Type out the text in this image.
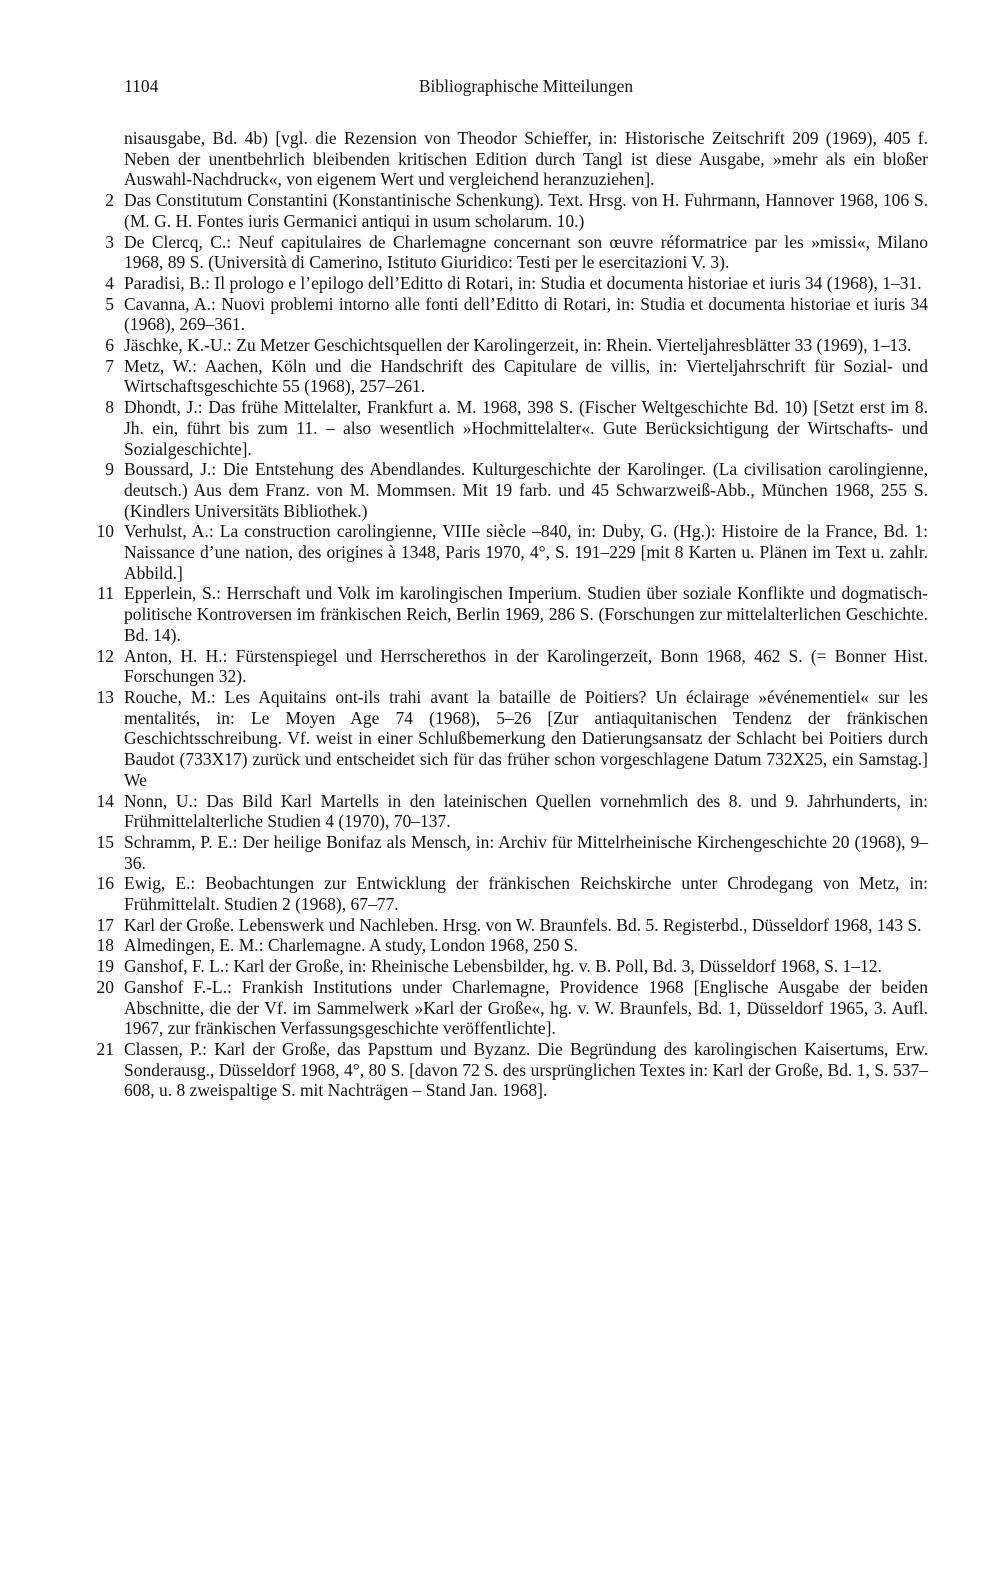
1104	Bibliographische Mitteilungen

nisausgabe, Bd. 4b) [vgl. die Rezension von Theodor Schieffer, in: Historische Zeitschrift 209 (1969), 405 f. Neben der unentbehrlich bleibenden kritischen Edition durch Tangl ist diese Ausgabe, »mehr als ein bloßer Auswahl-Nachdruck«, von eigenem Wert und vergleichend heranzuziehen].

2 Das Constitutum Constantini (Konstantinische Schenkung). Text. Hrsg. von H. Fuhrmann, Hannover 1968, 106 S. (M. G. H. Fontes iuris Germanici antiqui in usum scholarum. 10.)

3 De Clercq, C.: Neuf capitulaires de Charlemagne concernant son œuvre réformatrice par les »missi«, Milano 1968, 89 S. (Università di Camerino, Istituto Giuridico: Testi per le esercitazioni V. 3).

4 Paradisi, B.: Il prologo e l’epilogo dell’Editto di Rotari, in: Studia et documenta historiae et iuris 34 (1968), 1–31.

5 Cavanna, A.: Nuovi problemi intorno alle fonti dell’Editto di Rotari, in: Studia et documenta historiae et iuris 34 (1968), 269–361.

6 Jäschke, K.-U.: Zu Metzer Geschichtsquellen der Karolingerzeit, in: Rhein. Vierteljahresblätter 33 (1969), 1–13.

7 Metz, W.: Aachen, Köln und die Handschrift des Capitulare de villis, in: Vierteljahrschrift für Sozial- und Wirtschaftsgeschichte 55 (1968), 257–261.

8 Dhondt, J.: Das frühe Mittelalter, Frankfurt a. M. 1968, 398 S. (Fischer Weltgeschichte Bd. 10) [Setzt erst im 8. Jh. ein, führt bis zum 11. – also wesentlich »Hochmittelalter«. Gute Berücksichtigung der Wirtschafts- und Sozialgeschichte].

9 Boussard, J.: Die Entstehung des Abendlandes. Kulturgeschichte der Karolinger. (La civilisation carolingienne, deutsch.) Aus dem Franz. von M. Mommsen. Mit 19 farb. und 45 Schwarzweiß-Abb., München 1968, 255 S. (Kindlers Universitäts Bibliothek.)

10 Verhulst, A.: La construction carolingienne, VIIIe siècle –840, in: Duby, G. (Hg.): Histoire de la France, Bd. 1: Naissance d’une nation, des origines à 1348, Paris 1970, 4°, S. 191–229 [mit 8 Karten u. Plänen im Text u. zahlr. Abbild.]

11 Epperlein, S.: Herrschaft und Volk im karolingischen Imperium. Studien über soziale Konflikte und dogmatisch-politische Kontroversen im fränkischen Reich, Berlin 1969, 286 S. (Forschungen zur mittelalterlichen Geschichte. Bd. 14).

12 Anton, H. H.: Fürstenspiegel und Herrscherethos in der Karolingerzeit, Bonn 1968, 462 S. (= Bonner Hist. Forschungen 32).

13 Rouche, M.: Les Aquitains ont-ils trahi avant la bataille de Poitiers? Un éclairage »événementiel« sur les mentalités, in: Le Moyen Age 74 (1968), 5–26 [Zur antiaquitanischen Tendenz der fränkischen Geschichtsschreibung. Vf. weist in einer Schlußbemerkung den Datierungsansatz der Schlacht bei Poitiers durch Baudot (733X17) zurück und entscheidet sich für das früher schon vorgeschlagene Datum 732X25, ein Samstag.] We

14 Nonn, U.: Das Bild Karl Martells in den lateinischen Quellen vornehmlich des 8. und 9. Jahrhunderts, in: Frühmittelalterliche Studien 4 (1970), 70–137.

15 Schramm, P. E.: Der heilige Bonifaz als Mensch, in: Archiv für Mittelrheinische Kirchengeschichte 20 (1968), 9–36.

16 Ewig, E.: Beobachtungen zur Entwicklung der fränkischen Reichskirche unter Chrodegang von Metz, in: Frühmittelalt. Studien 2 (1968), 67–77.

17 Karl der Große. Lebenswerk und Nachleben. Hrsg. von W. Braunfels. Bd. 5. Registerbd., Düsseldorf 1968, 143 S.

18 Almedingen, E. M.: Charlemagne. A study, London 1968, 250 S.

19 Ganshof, F. L.: Karl der Große, in: Rheinische Lebensbilder, hg. v. B. Poll, Bd. 3, Düsseldorf 1968, S. 1–12.

20 Ganshof F.-L.: Frankish Institutions under Charlemagne, Providence 1968 [Englische Ausgabe der beiden Abschnitte, die der Vf. im Sammelwerk »Karl der Große«, hg. v. W. Braunfels, Bd. 1, Düsseldorf 1965, 3. Aufl. 1967, zur fränkischen Verfassungsgeschichte veröffentlichte].

21 Classen, P.: Karl der Große, das Papsttum und Byzanz. Die Begründung des karolingischen Kaisertums, Erw. Sonderausg., Düsseldorf 1968, 4°, 80 S. [davon 72 S. des ursprünglichen Textes in: Karl der Große, Bd. 1, S. 537–608, u. 8 zweispaltige S. mit Nachträgen – Stand Jan. 1968].
